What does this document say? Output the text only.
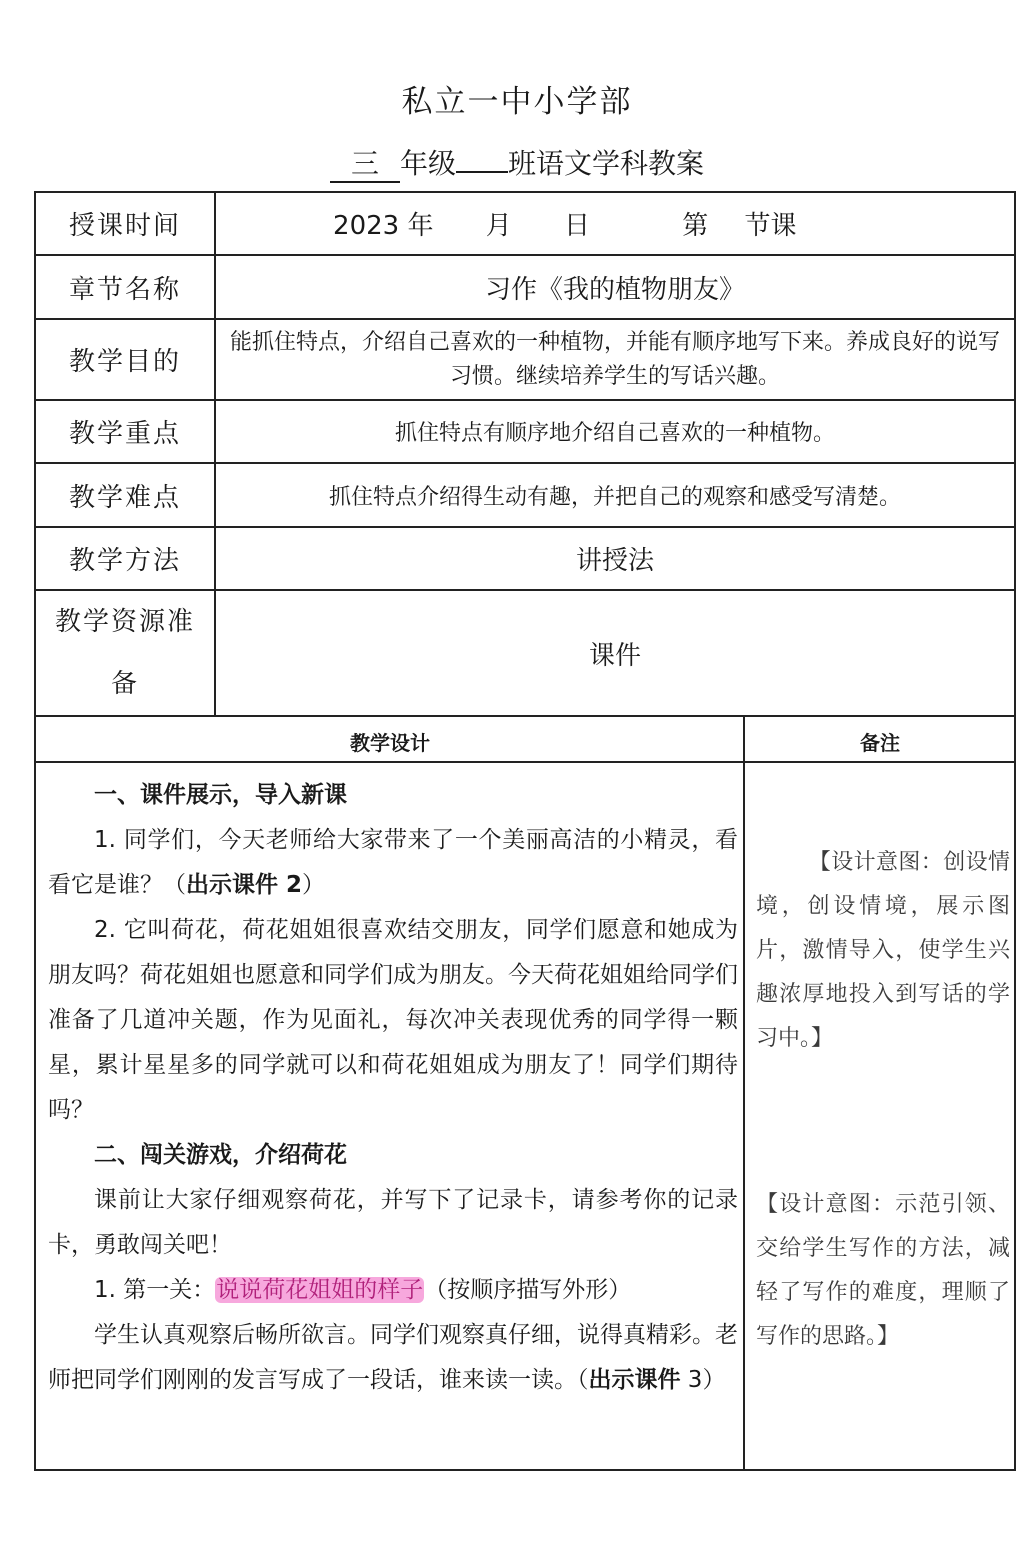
私立一中小学部
三 年级 班语文学科教案
授课时间	2023 年 月 日 第 节课
章节名称	习作《我的植物朋友》
教学目的	能抓住特点，介绍自己喜欢的一种植物，并能有顺序地写下来。养成良好的说写习惯。继续培养学生的写话兴趣。
教学重点	抓住特点有顺序地介绍自己喜欢的一种植物。
教学难点	抓住特点介绍得生动有趣，并把自己的观察和感受写清楚。
教学方法	讲授法
教学资源准备	课件
教学设计	备注

一、课件展示，导入新课

1. 同学们，今天老师给大家带来了一个美丽高洁的小精灵，看看它是谁？（出示课件 2）

2. 它叫荷花，荷花姐姐很喜欢结交朋友，同学们愿意和她成为朋友吗？荷花姐姐也愿意和同学们成为朋友。今天荷花姐姐给同学们准备了几道冲关题，作为见面礼，每次冲关表现优秀的同学得一颗星，累计星星多的同学就可以和荷花姐姐成为朋友了！同学们期待吗？

二、闯关游戏，介绍荷花

课前让大家仔细观察荷花，并写下了记录卡，请参考你的记录卡，勇敢闯关吧！

1. 第一关：说说荷花姐姐的样子（按顺序描写外形）

学生认真观察后畅所欲言。同学们观察真仔细，说得真精彩。老师把同学们刚刚的发言写成了一段话，谁来读一读。（出示课件 3）

【设计意图：创设情境，创设情境，展示图片，激情导入，使学生兴趣浓厚地投入到写话的学习中。】
【设计意图：示范引领、交给学生写作的方法，减轻了写作的难度，理顺了写作的思路。】
